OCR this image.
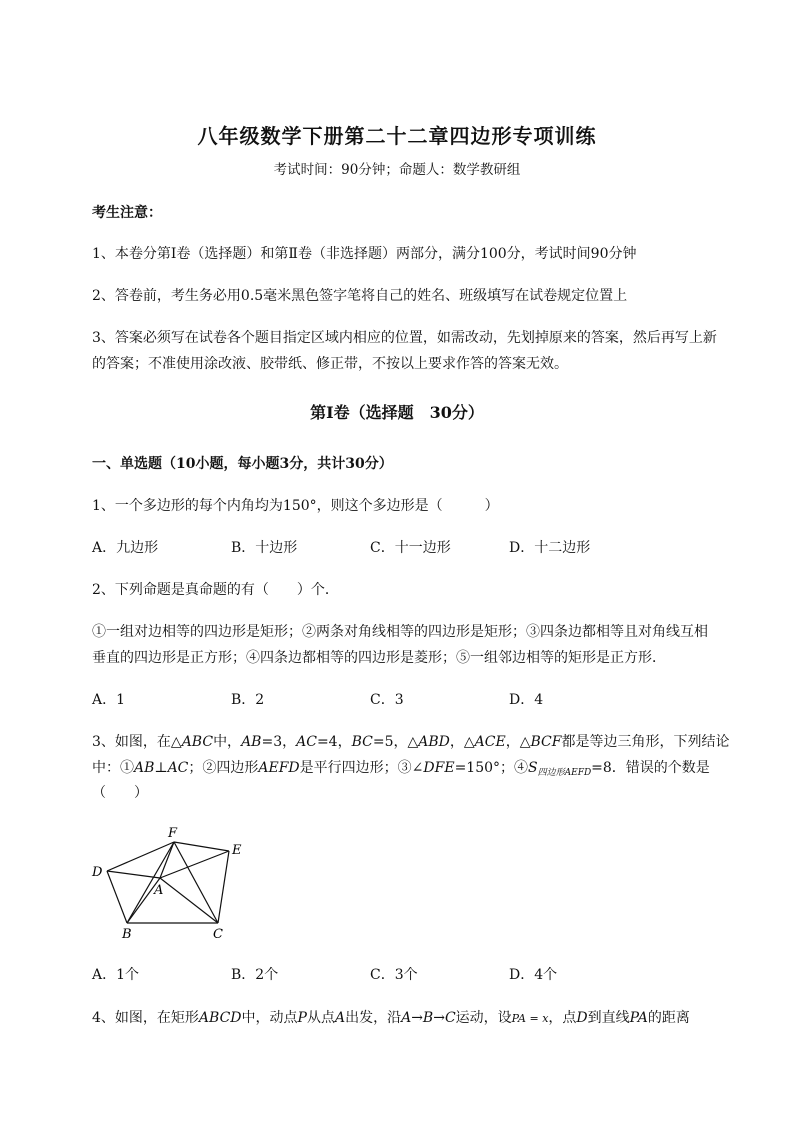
八年级数学下册第二十二章四边形专项训练
考试时间：90分钟；命题人：数学教研组
考生注意：
1、本卷分第I卷（选择题）和第Ⅱ卷（非选择题）两部分，满分100分，考试时间90分钟
2、答卷前，考生务必用0.5毫米黑色签字笔将自己的姓名、班级填写在试卷规定位置上
3、答案必须写在试卷各个题目指定区域内相应的位置，如需改动，先划掉原来的答案，然后再写上新
的答案；不准使用涂改液、胶带纸、修正带，不按以上要求作答的答案无效。
第I卷（选择题　30分）
一、单选题（10小题，每小题3分，共计30分）
1、一个多边形的每个内角均为150°，则这个多边形是（　　　）
A．九边形	B．十边形	C．十一边形	D．十二边形
2、下列命题是真命题的有（　　）个．
①一组对边相等的四边形是矩形；②两条对角线相等的四边形是矩形；③四条边都相等且对角线互相
垂直的四边形是正方形；④四条边都相等的四边形是菱形；⑤一组邻边相等的矩形是正方形．
A．1	B．2	C．3	D．4
3、如图，在△ABC中，AB=3，AC=4，BC=5，△ABD，△ACE，△BCF都是等边三角形，下列结论
中：①AB⊥AC；②四边形AEFD是平行四边形；③∠DFE=150°；$④S_{四边形AEFD}=8$．错误的个数是
（　　）
F
E
D
A
B	C
A．1个	B．2个	C．3个	D．4个
4、如图，在矩形ABCD中，动点P从点A出发，沿A→B→C运动，设PA = x，点D到直线PA的距离
